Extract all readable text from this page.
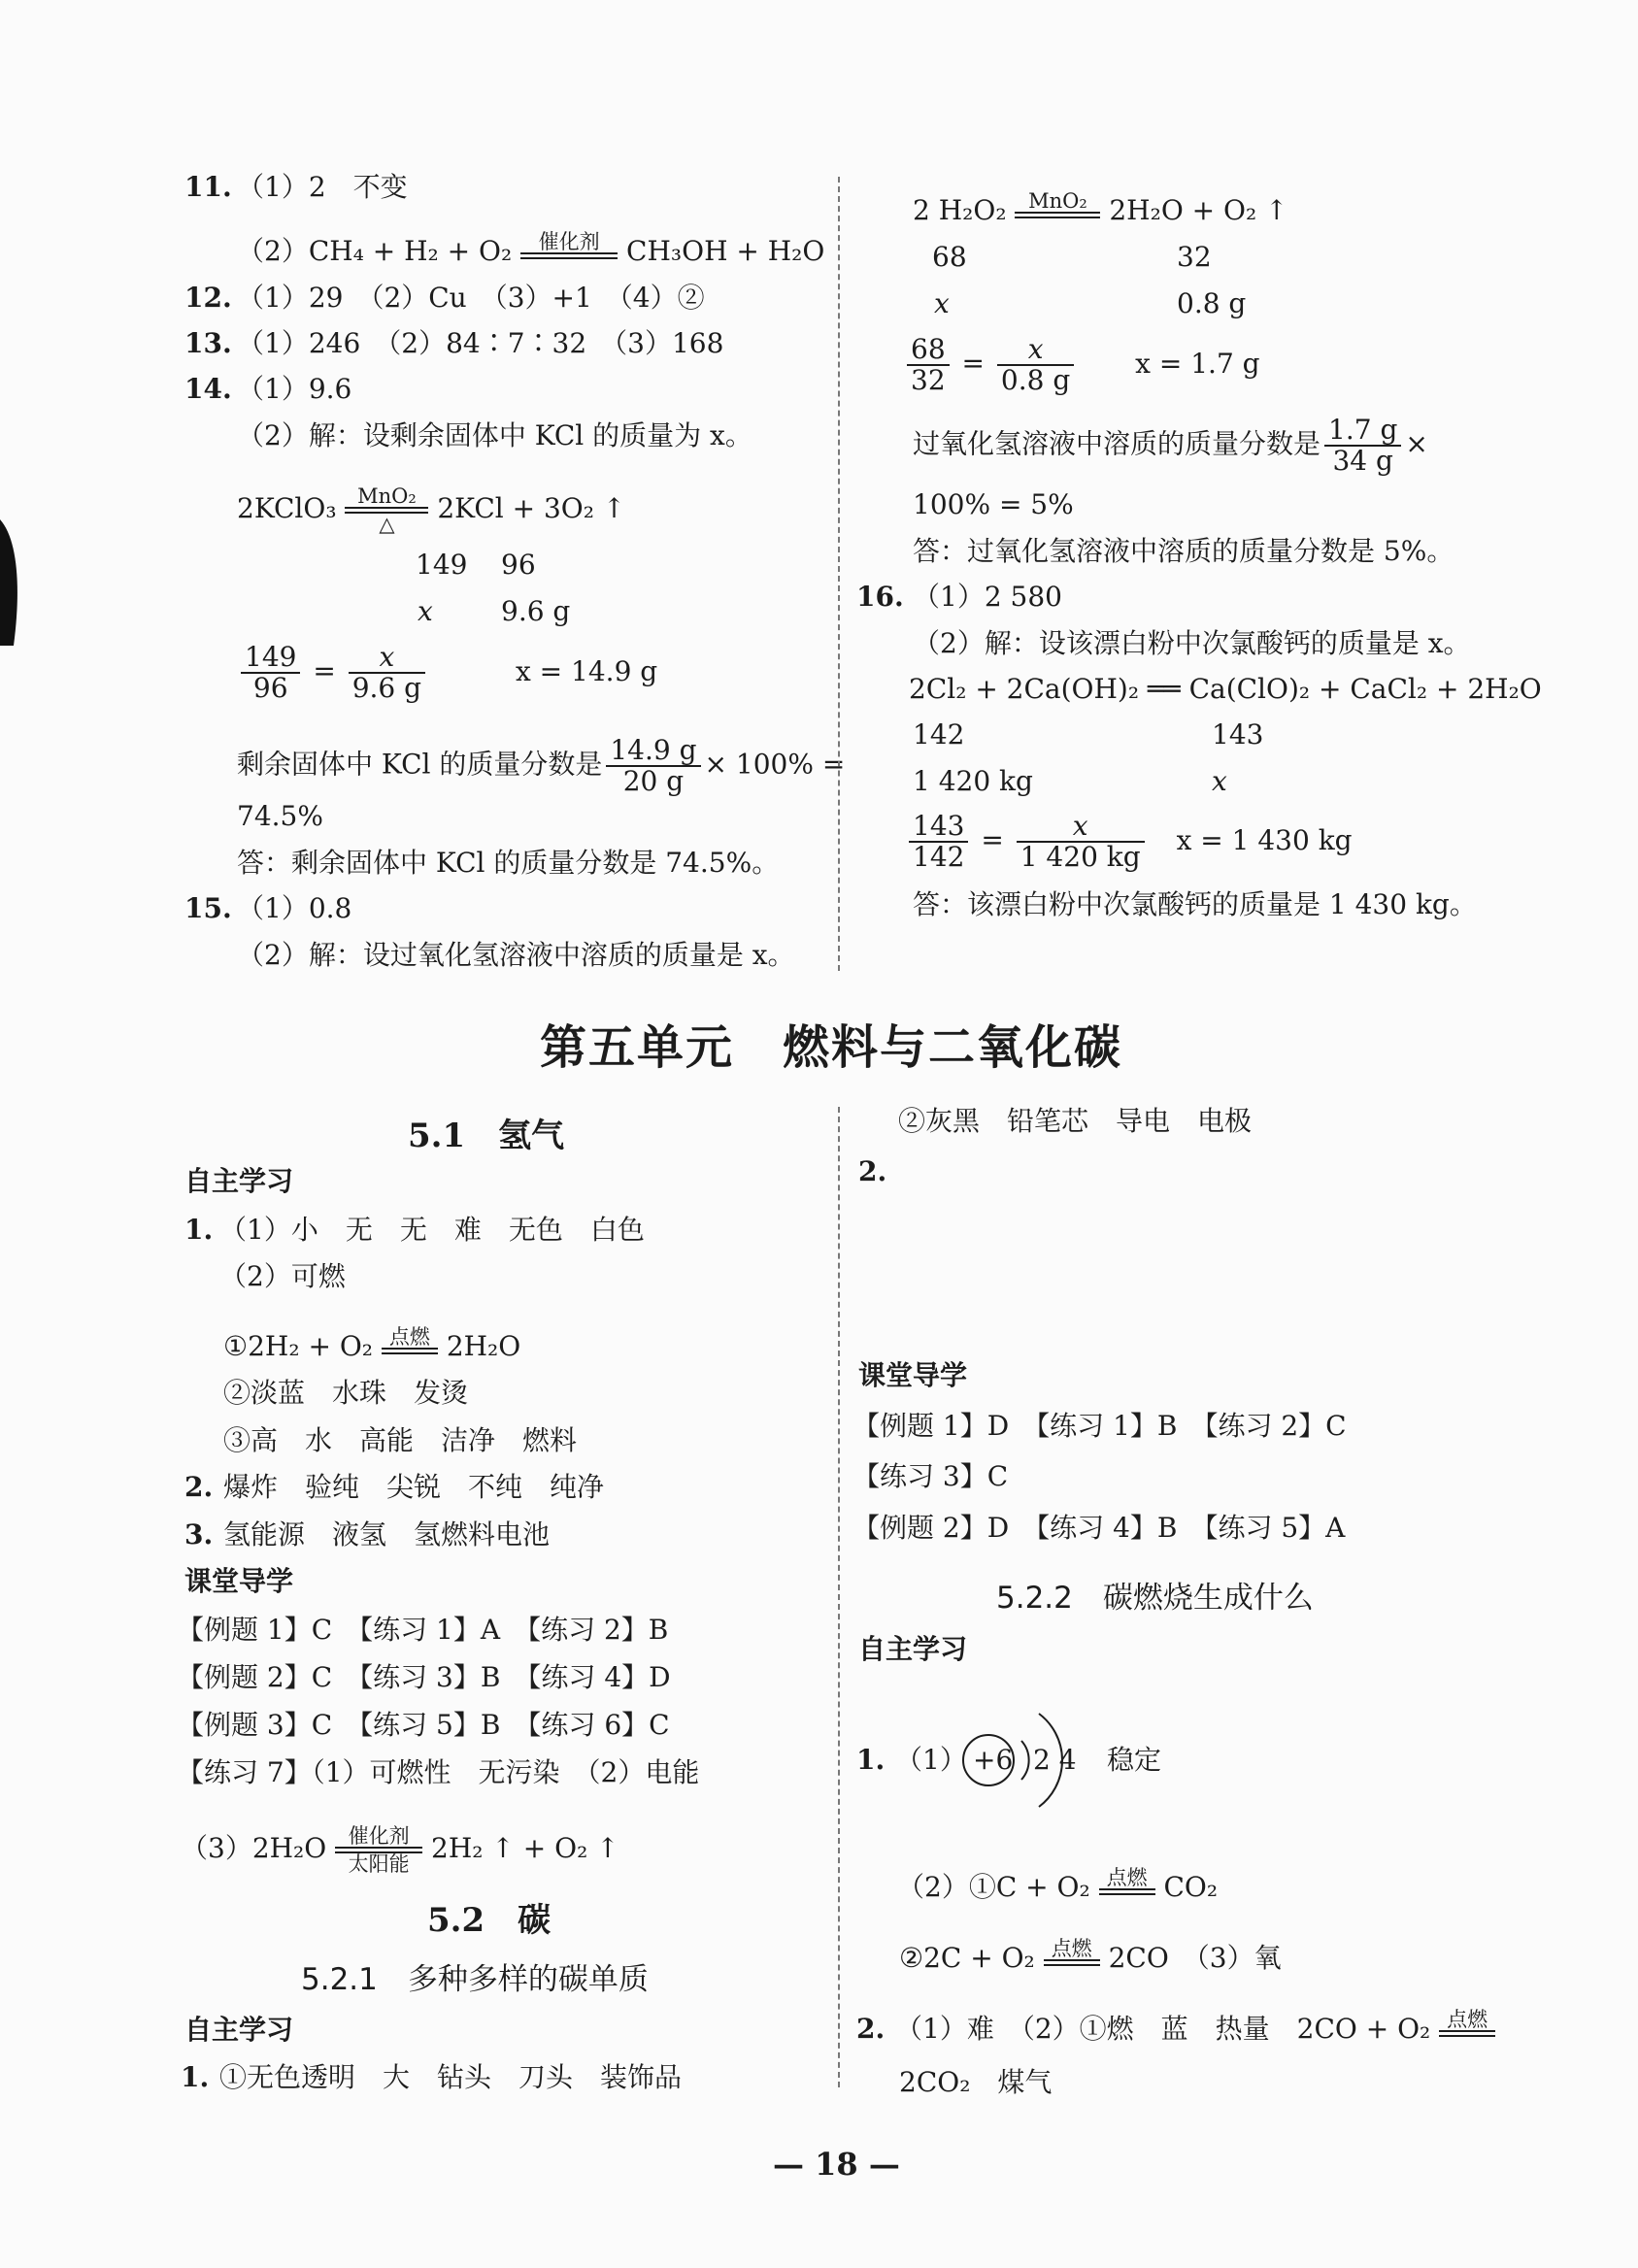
11. （1）2　不变
（2）CH₄ + H₂ + O₂	催化剂 CH₃OH + H₂O
12. （1）29　（2）Cu　（3）+1　（4）②
13. （1）246　（2）84∶7∶32　（3）168
14. （1）9.6
（2）解：设剩余固体中 KCl 的质量为 x。
2KClO₃	MnO₂
△	2KCl + 3O₂ ↑
149 96
x	9.6 g
$\frac{149}{96} = \frac{x}{9.6 g}$	x = 14.9 g
剩余固体中 KCl 的质量分数是 $\frac{14.9 g}{20 g} \times 100\%$ =
74.5%
答：剩余固体中 KCl 的质量分数是 74.5%。
15. （1）0.8
（2）解：设过氧化氢溶液中溶质的质量是 x。
2 H₂O₂	MnO₂ 2H₂O + O₂ ↑
68	32
x	0.8 g
$\frac{68}{32} = \frac{x}{0.8 g}$ x = 1.7 g
过氧化氢溶液中溶质的质量分数是 $\frac{1.7 g}{34 g}$ ×
100% = 5%
答：过氧化氢溶液中溶质的质量分数是 5%。
16. （1）2 580
（2）解：设该漂白粉中次氯酸钙的质量是 x。
2Cl₂ + 2Ca(OH)₂ ══ Ca(ClO)₂ + CaCl₂ + 2H₂O
142	143
1 420 kg	x
$\frac{143}{142} = \frac{x}{1 420 kg}$ x = 1 430 kg
答：该漂白粉中次氯酸钙的质量是 1 430 kg。
第五单元　燃料与二氧化碳
5.1　氢气
自主学习
1. （1）小　无　无　难　无色　白色
（2）可燃
①2H₂ + O₂ 点燃 2H₂O
②淡蓝　水珠　发烫
③高　水　高能　洁净　燃料
2. 爆炸　验纯　尖锐　不纯　纯净
3. 氢能源　液氢　氢燃料电池
课堂导学
【例题 1】C　【练习 1】A　【练习 2】B
【例题 2】C　【练习 3】B　【练习 4】D
【例题 3】C　【练习 5】B　【练习 6】C
【练习 7】（1）可燃性　无污染　（2）电能
（3）2H₂O	催化剂
太阳能 2H₂ ↑ + O₂ ↑
5.2　碳
5.2.1　多种多样的碳单质
自主学习
1. ①无色透明　大　钻头　刀头　装饰品
②灰黑　铅笔芯　导电　电极
2.
课堂导学
【例题 1】D　【练习 1】B　【练习 2】C
【练习 3】C
【例题 2】D　【练习 4】B　【练习 5】A
5.2.2　碳燃烧生成什么
自主学习
1. （1） +6 2 4 稳定
（2）①C + O₂ 点燃 CO₂
②2C + O₂ 点燃 2CO　（3）氧
2. （1）难　（2）①燃　蓝　热量　2CO + O₂ 点燃
2CO₂　煤气
— 18 —
